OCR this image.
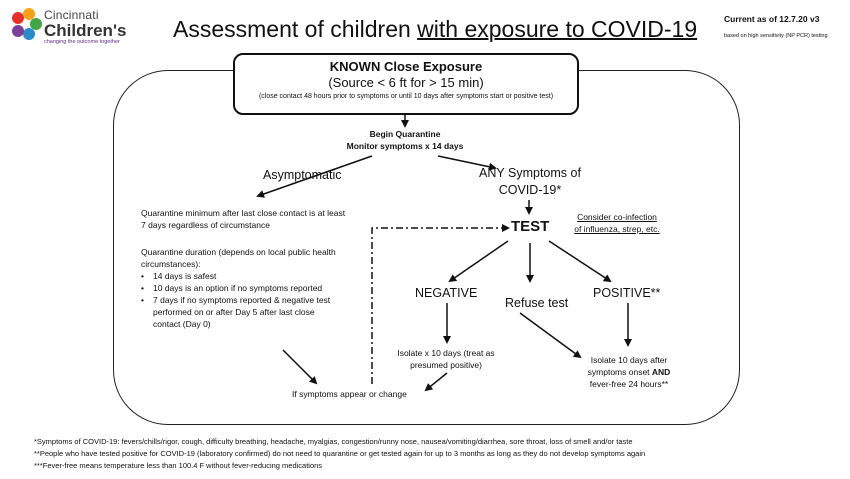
Cincinnati
Children's
changing the outcome together Assessment of children with exposure to COVID-19	Current as of 12.7.20 v3
based on high sensitivity (NP PCR) testing
KNOWN Close Exposure
(Source < 6 ft for > 15 min)
(close contact 48 hours prior to symptoms or until 10 days after symptoms start or positive test)
Begin Quarantine
Monitor symptoms x 14 days
Asymptomatic	ANY Symptoms of
COVID-19*
Quarantine minimum after last close contact is at least 7 days regardless of circumstance
Quarantine duration (depends on local public health circumstances):
• 14 days is safest
• 10 days is an option if no symptoms reported
• 7 days if no symptoms reported & negative test performed on or after Day 5 after last close contact (Day 0)
TEST
Consider co-infection
of influenza, strep, etc.
NEGATIVE
Refuse test
POSITIVE**
Isolate x 10 days (treat as presumed positive)	Isolate 10 days after
symptoms onset AND
fever-free 24 hours**
If symptoms appear or change
*Symptoms of COVID-19: fevers/chills/rigor, cough, difficulty breathing, headache, myalgias, congestion/runny nose, nausea/vomiting/diarrhea, sore throat, loss of smell and/or taste
**People who have tested positive for COVID-19 (laboratory confirmed) do not need to quarantine or get tested again for up to 3 months as long as they do not develop symptoms again
***Fever-free means temperature less than 100.4 F without fever-reducing medications
